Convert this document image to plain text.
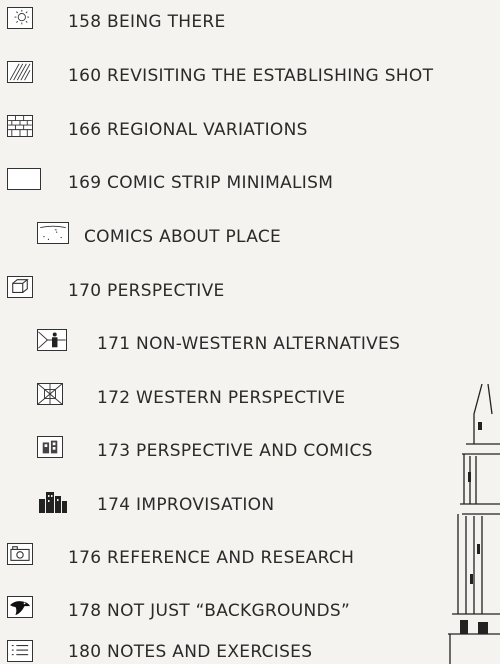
158 BEING THERE
160 REVISITING THE ESTABLISHING SHOT
166 REGIONAL VARIATIONS
169 COMIC STRIP MINIMALISM
COMICS ABOUT PLACE
170 PERSPECTIVE
171 NON-WESTERN ALTERNATIVES
172 WESTERN PERSPECTIVE
173 PERSPECTIVE AND COMICS
174 IMPROVISATION
176 REFERENCE AND RESEARCH
178 NOT JUST “BACKGROUNDS”
180 NOTES AND EXERCISES
